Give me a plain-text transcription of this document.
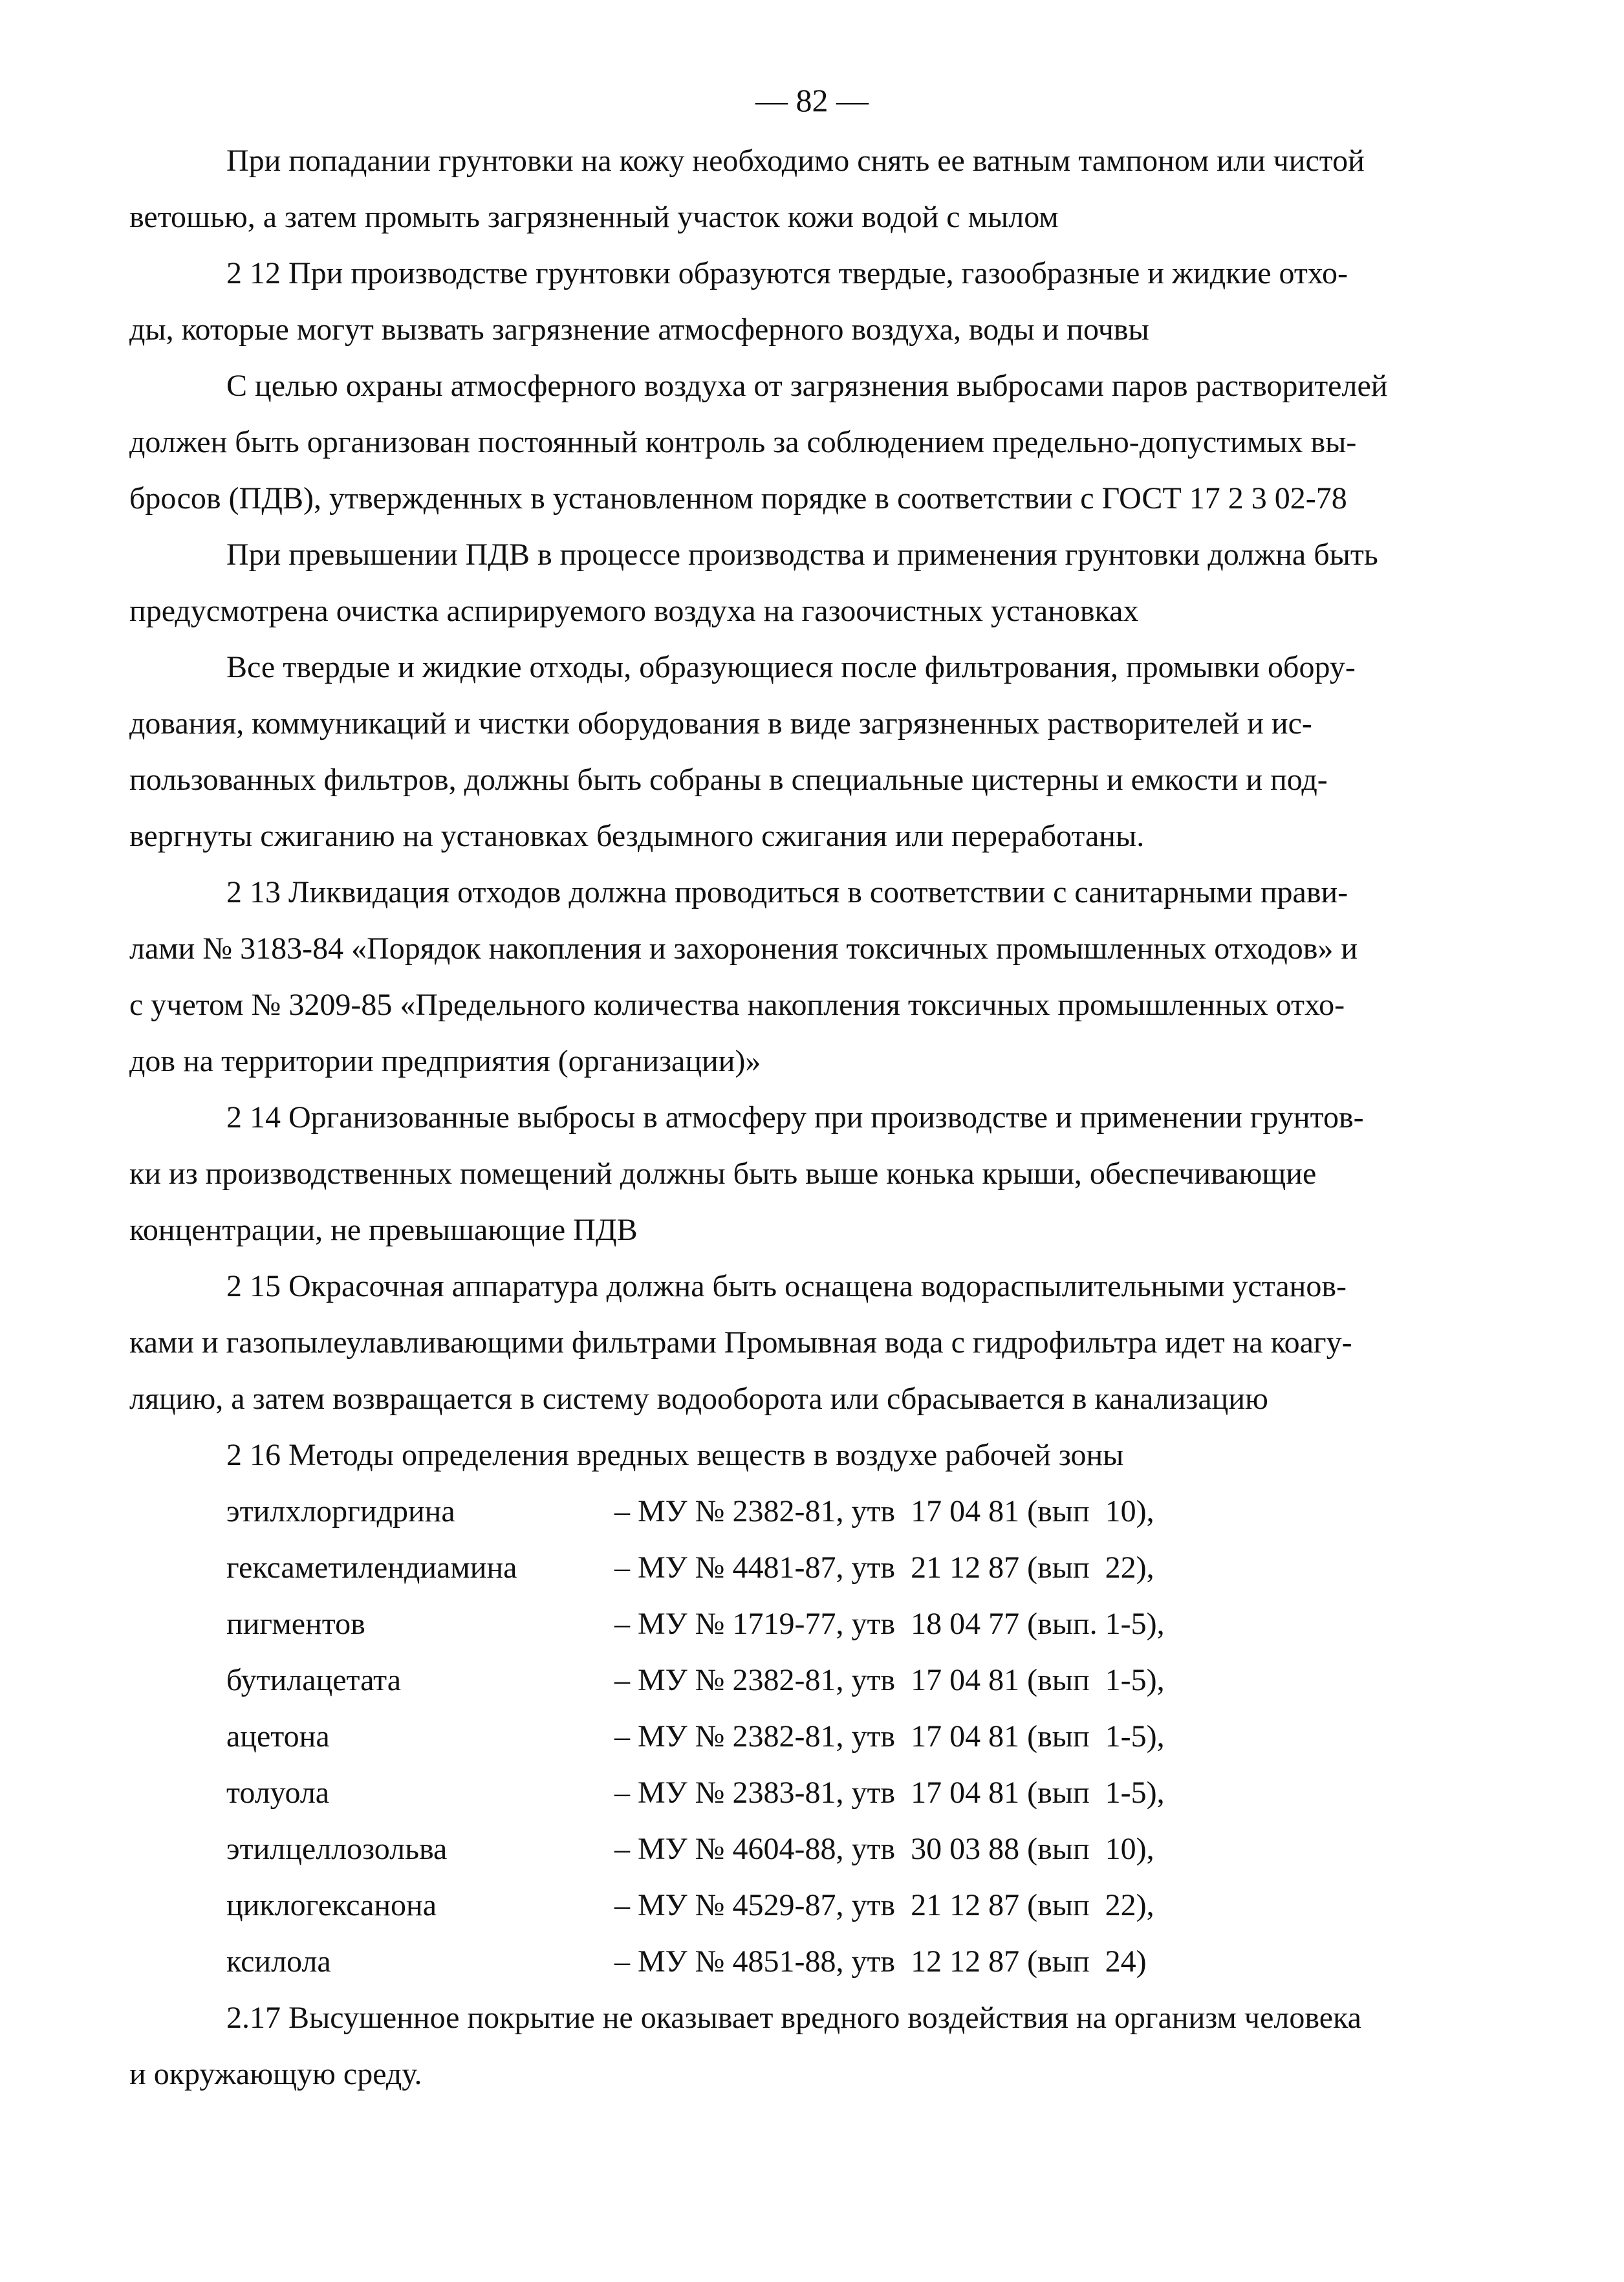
— 82 —

При попадании грунтовки на кожу необходимо снять ее ватным тампоном или чистой
ветошью, а затем промыть загрязненный участок кожи водой с мылом

2 12 При производстве грунтовки образуются твердые, газообразные и жидкие отхо-
ды, которые могут вызвать загрязнение атмосферного воздуха, воды и почвы

С целью охраны атмосферного воздуха от загрязнения выбросами паров растворителей
должен быть организован постоянный контроль за соблюдением предельно-допустимых вы-
бросов (ПДВ), утвержденных в установленном порядке в соответствии с ГОСТ 17 2 3 02-78

При превышении ПДВ в процессе производства и применения грунтовки должна быть
предусмотрена очистка аспирируемого воздуха на газоочистных установках

Все твердые и жидкие отходы, образующиеся после фильтрования, промывки обору-
дования, коммуникаций и чистки оборудования в виде загрязненных растворителей и ис-
пользованных фильтров, должны быть собраны в специальные цистерны и емкости и под-
вергнуты сжиганию на установках бездымного сжигания или переработаны.

2 13 Ликвидация отходов должна проводиться в соответствии с санитарными прави-
лами № 3183-84 «Порядок накопления и захоронения токсичных промышленных отходов» и
с учетом № 3209-85 «Предельного количества накопления токсичных промышленных отхо-
дов на территории предприятия (организации)»

2 14 Организованные выбросы в атмосферу при производстве и применении грунтов-
ки из производственных помещений должны быть выше конька крыши, обеспечивающие
концентрации, не превышающие ПДВ

2 15 Окрасочная аппаратура должна быть оснащена водораспылительными установ-
ками и газопылеулавливающими фильтрами Промывная вода с гидрофильтра идет на коагу-
ляцию, а затем возвращается в систему водооборота или сбрасывается в канализацию

2 16 Методы определения вредных веществ в воздухе рабочей зоны

этилхлоргидрина	– МУ № 2382-81, утв  17 04 81 (вып  10),
гексаметилендиамина	– МУ № 4481-87, утв  21 12 87 (вып  22),
пигментов	– МУ № 1719-77, утв  18 04 77 (вып. 1-5),
бутилацетата	– МУ № 2382-81, утв  17 04 81 (вып  1-5),
ацетона	– МУ № 2382-81, утв  17 04 81 (вып  1-5),
толуола	– МУ № 2383-81, утв  17 04 81 (вып  1-5),
этилцеллозольва	– МУ № 4604-88, утв  30 03 88 (вып  10),
циклогексанона	– МУ № 4529-87, утв  21 12 87 (вып  22),
ксилола	– МУ № 4851-88, утв  12 12 87 (вып  24)

2.17 Высушенное покрытие не оказывает вредного воздействия на организм человека
и окружающую среду.
